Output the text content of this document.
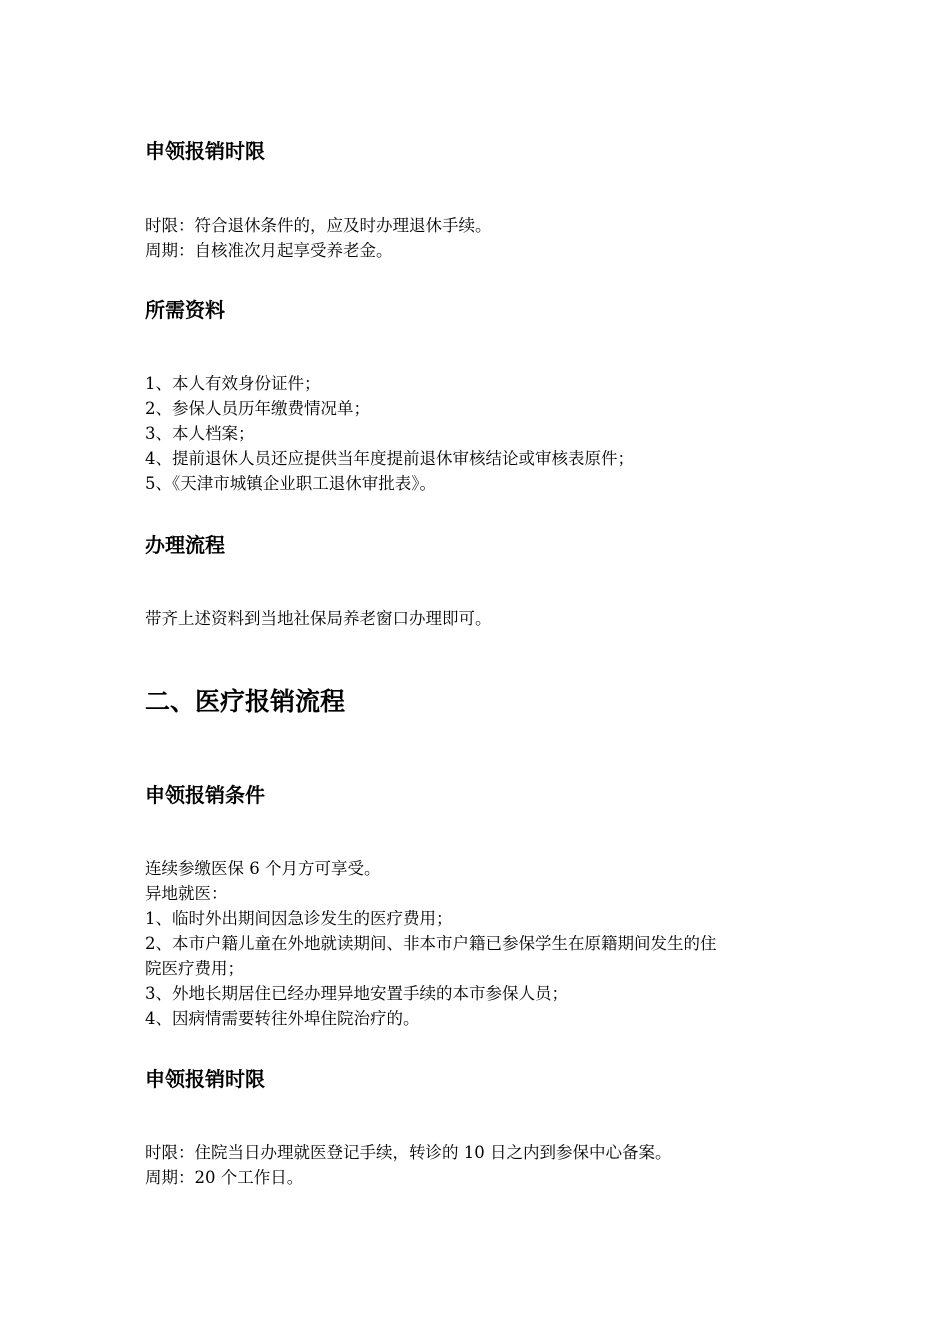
申领报销时限
时限：符合退休条件的，应及时办理退休手续。
周期：自核准次月起享受养老金。
所需资料
1、本人有效身份证件；
2、参保人员历年缴费情况单；
3、本人档案；
4、提前退休人员还应提供当年度提前退休审核结论或审核表原件；
5、《天津市城镇企业职工退休审批表》。
办理流程
带齐上述资料到当地社保局养老窗口办理即可。
二、医疗报销流程
申领报销条件
连续参缴医保 6 个月方可享受。
异地就医：
1、临时外出期间因急诊发生的医疗费用；
2、本市户籍儿童在外地就读期间、非本市户籍已参保学生在原籍期间发生的住
院医疗费用；
3、外地长期居住已经办理异地安置手续的本市参保人员；
4、因病情需要转往外埠住院治疗的。
申领报销时限
时限：住院当日办理就医登记手续，转诊的 10 日之内到参保中心备案。
周期：20 个工作日。
